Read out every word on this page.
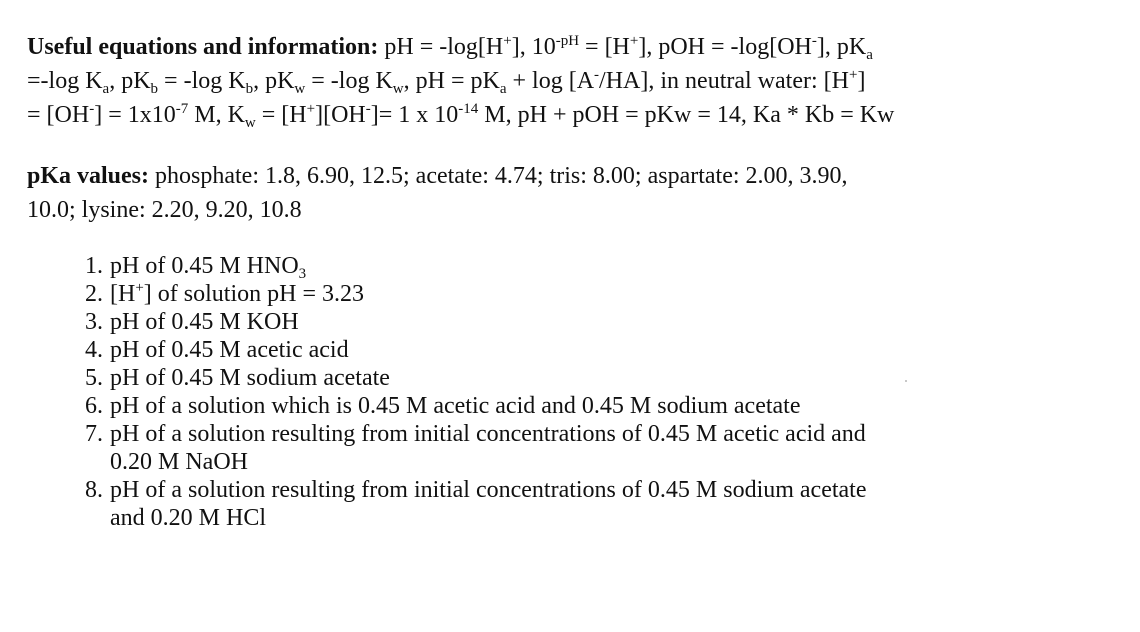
Useful equations and information: pH = -log[H+], $10^{-pH} = [H^+]$, pOH = -log[OH-], $pK_a$
=-log $K_a$, $pK_b = -\log$ $K_b$, $pK_w = -\log$ $K_w$, pH = $pK_a + \log [A^-/HA]$, in neutral water: [H+]
= $[OH^-] = 1x10^{-7}$ M, $K_w = [H^+][OH^-]= 1$ x $10^{-14}$ M, pH + pOH = pKw = 14, Ka * Kb = Kw

pKa values: phosphate: 1.8, 6.90, 12.5; acetate: 4.74; tris: 8.00; aspartate: 2.00, 3.90,
10.0; lysine: 2.20, 9.20, 10.8

1. pH of 0.45 M $HNO_3$
2. [H+] of solution pH = 3.23
3. pH of 0.45 M KOH
4. pH of 0.45 M acetic acid
5. pH of 0.45 M sodium acetate
6. pH of a solution which is 0.45 M acetic acid and 0.45 M sodium acetate
7. pH of a solution resulting from initial concentrations of 0.45 M acetic acid and
0.20 M NaOH
8. pH of a solution resulting from initial concentrations of 0.45 M sodium acetate
and 0.20 M HCl
